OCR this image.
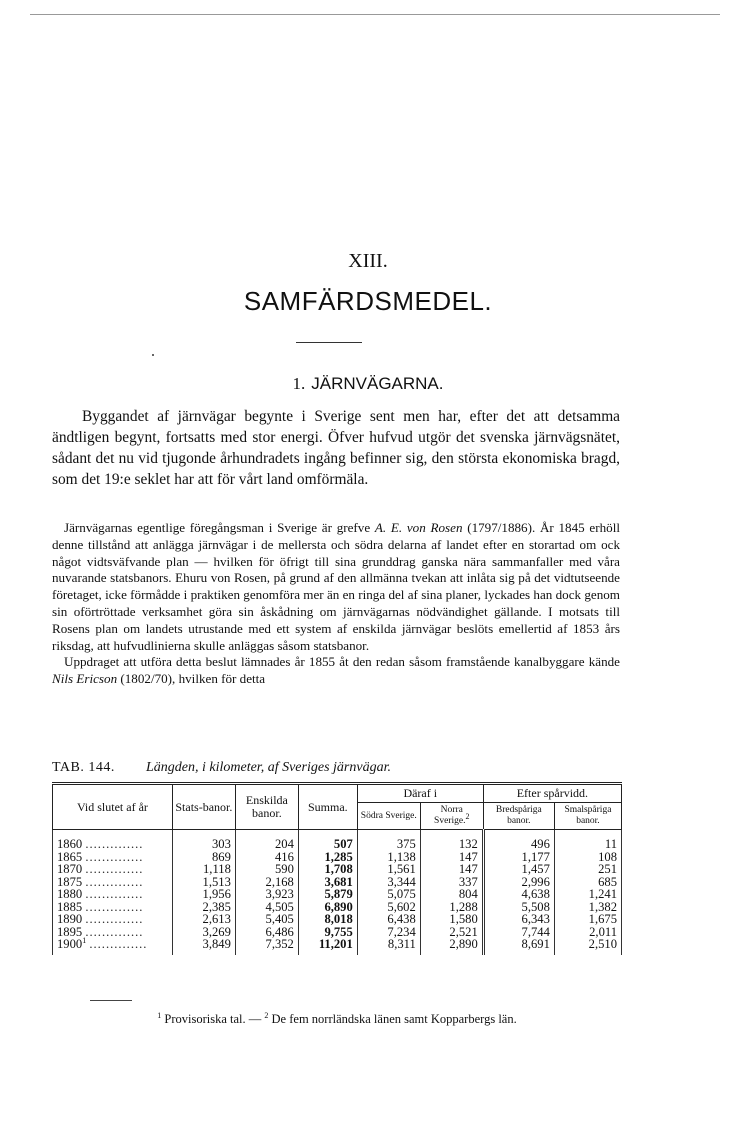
XIII.
SAMFÄRDSMEDEL.
1. JÄRNVÄGARNA.

Byggandet af järnvägar begynte i Sverige sent men har, efter det att detsamma ändtligen begynt, fortsatts med stor energi. Öfver hufvud utgör det svenska järnvägsnätet, sådant det nu vid tjugonde århundradets ingång befinner sig, den största ekonomiska bragd, som det 19:e seklet har att för vårt land omförmäla.

Järnvägarnas egentlige föregångsman i Sverige är grefve A. E. von Rosen (1797/1886). År 1845 erhöll denne tillstånd att anlägga järnvägar i de mellersta och södra delarna af landet efter en storartad om ock något vidtsväfvande plan — hvilken för öfrigt till sina grunddrag ganska nära sammanfaller med våra nuvarande statsbanors. Ehuru von Rosen, på grund af den allmänna tvekan att inlåta sig på det vidtutseende företaget, icke förmådde i praktiken genomföra mer än en ringa del af sina planer, lyckades han dock genom sin oförtröttade verksamhet göra sin åskådning om järnvägarnas nödvändighet gällande. I motsats till Rosens plan om landets utrustande med ett system af enskilda järnvägar beslöts emellertid af 1853 års riksdag, att hufvudlinierna skulle anläggas såsom statsbanor.

Uppdraget att utföra detta beslut lämnades år 1855 åt den redan såsom framstående kanalbyggare kände Nils Ericson (1802/70), hvilken för detta

TAB. 144. Längden, i kilometer, af Sveriges järnvägar.
Vid slutet af år	Stats-banor.	Enskilda banor.	Summa.	Däraf i		Efter spårvidd.	
				Södra Sverige.	Norra Sverige.$^2$	Bredspåriga banor.	Smalspåriga banor.
1860 ..............	303	204	507	375	132	496	11
1865 ..............	869	416	1,285	1,138	147	1,177	108
1870 ..............	1,118	590	1,708	1,561	147	1,457	251
1875 ..............	1,513	2,168	3,681	3,344	337	2,996	685
1880 ..............	1,956	3,923	5,879	5,075	804	4,638	1,241
1885 ..............	2,385	4,505	6,890	5,602	1,288	5,508	1,382
1890 ..............	2,613	5,405	8,018	6,438	1,580	6,343	1,675
1895 ..............	3,269	6,486	9,755	7,234	2,521	7,744	2,011
1900$^1$ ..............	3,849	7,352	11,201	8,311	2,890	8,691	2,510
$^1$ Provisoriska tal. — $^2$ De fem norrländska länen samt Kopparbergs län.
